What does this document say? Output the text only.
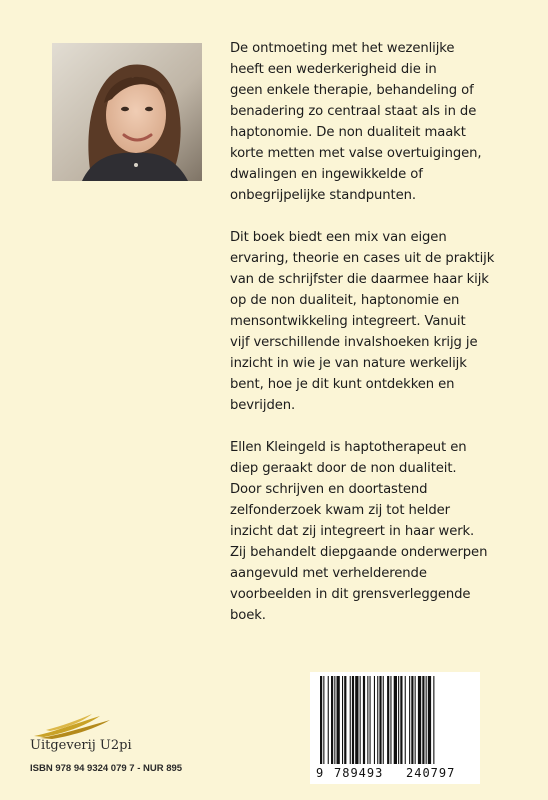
De ontmoeting met het wezenlijke
heeft een wederkerigheid die in
geen enkele therapie, behandeling of
benadering zo centraal staat als in de
haptonomie. De non dualiteit maakt
korte metten met valse overtuigingen,
dwalingen en ingewikkelde of
onbegrijpelijke standpunten.

Dit boek biedt een mix van eigen
ervaring, theorie en cases uit de praktijk
van de schrijfster die daarmee haar kijk
op de non dualiteit, haptonomie en
mensontwikkeling integreert. Vanuit
vijf verschillende invalshoeken krijg je
inzicht in wie je van nature werkelijk
bent, hoe je dit kunt ontdekken en
bevrijden.

Ellen Kleingeld is haptotherapeut en
diep geraakt door de non dualiteit.
Door schrijven en doortastend
zelfonderzoek kwam zij tot helder
inzicht dat zij integreert in haar werk.
Zij behandelt diepgaande onderwerpen
aangevuld met verhelderende
voorbeelden in dit grensverleggende
boek.

Uitgeverij U2pi
ISBN 978 94 9324 079 7 - NUR 895	9 789493 240797
